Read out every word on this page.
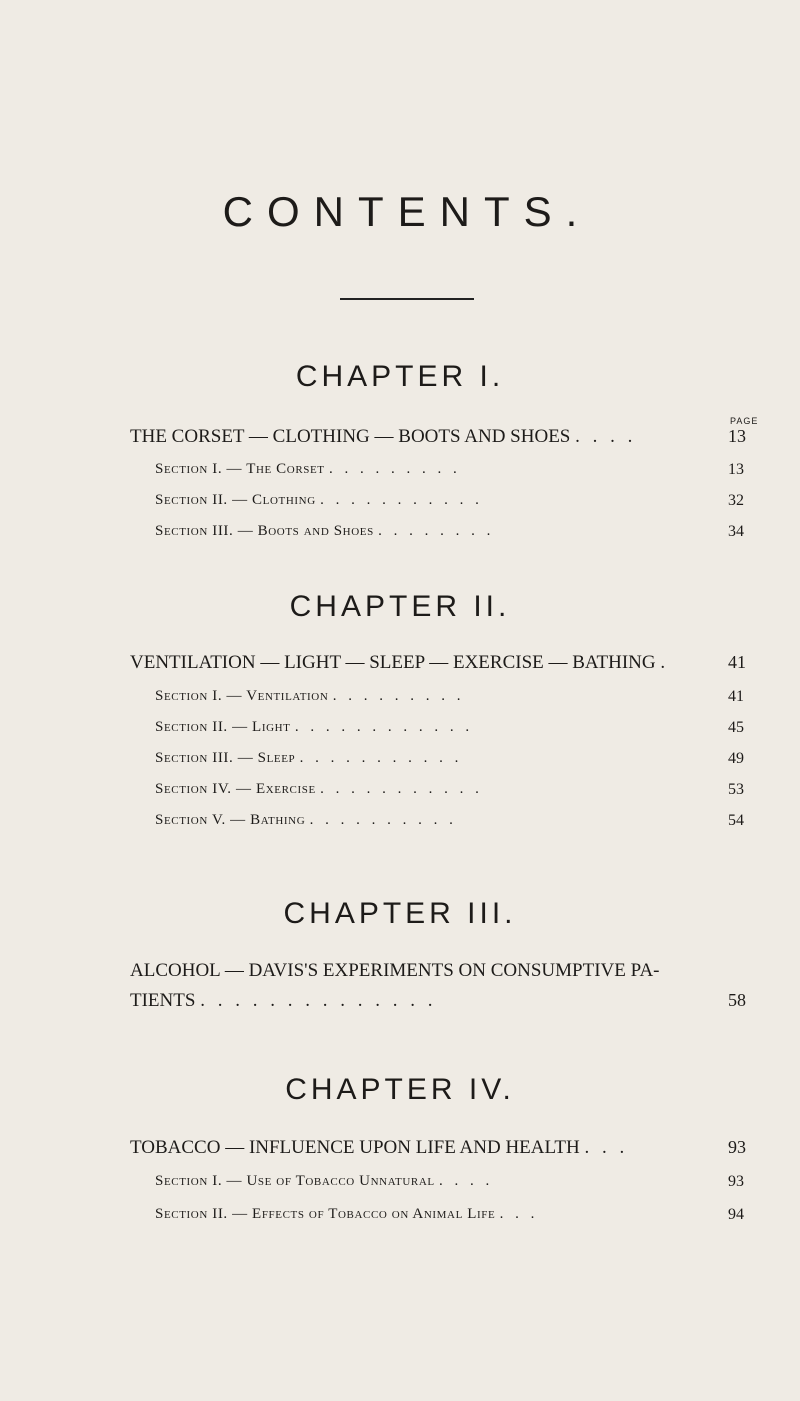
CONTENTS.
CHAPTER I.
PAGE
THE CORSET — CLOTHING — BOOTS AND SHOES . . . .	13
Section I. — The Corset . . . . . . . . .	13
Section II. — Clothing . . . . . . . . . . .	32
Section III. — Boots and Shoes . . . . . . . .	34
CHAPTER II.
VENTILATION — LIGHT — SLEEP — EXERCISE — BATHING .	41
Section I. — Ventilation . . . . . . . . .	41
Section II. — Light . . . . . . . . . . . .	45
Section III. — Sleep . . . . . . . . . . .	49
Section IV. — Exercise . . . . . . . . . . .	53
Section V. — Bathing . . . . . . . . . .	54
CHAPTER III.
ALCOHOL — DAVIS'S EXPERIMENTS ON CONSUMPTIVE PA-
TIENTS . . . . . . . . . . . . . .	58
CHAPTER IV.
TOBACCO — INFLUENCE UPON LIFE AND HEALTH . . .	93
Section I. — Use of Tobacco Unnatural . . . .	93
Section II. — Effects of Tobacco on Animal Life . . .	94
